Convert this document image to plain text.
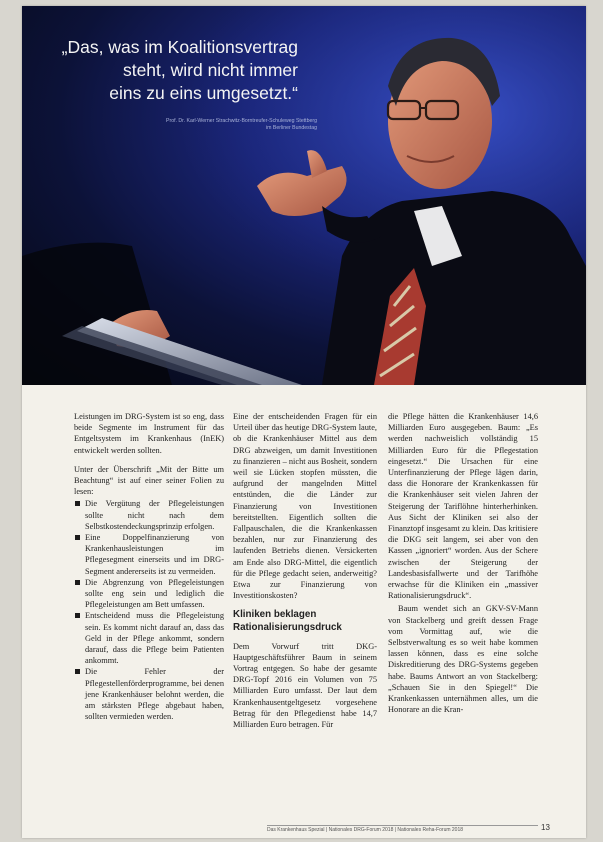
„Das, was im Koalitionsvertrag
steht, wird nicht immer
eins zu eins umgesetzt.“
Prof. Dr. Karl-Werner Strachwitz-Borntreufer-Schuleweg Stettberg
im Berliner Bundestag

Leistungen im DRG-System ist so eng, dass beide Segmente im Instrument für das Entgeltsystem im Krankenhaus (InEK) entwickelt werden sollten.

Unter der Überschrift „Mit der Bitte um Beachtung“ ist auf einer seiner Folien zu lesen:

Die Vergütung der Pflegeleistungen sollte nicht nach dem Selbstkostendeckungsprinzip erfolgen.
Eine Doppelfinanzierung von Krankenhausleistungen im Pflegesegment einerseits und im DRG-Segment andererseits ist zu vermeiden.
Die Abgrenzung von Pflegeleistungen sollte eng sein und lediglich die Pflegeleistungen am Bett umfassen.
Entscheidend muss die Pflegeleistung sein. Es kommt nicht darauf an, dass das Geld in der Pflege ankommt, sondern darauf, dass die Pflege beim Patienten ankommt.
Die Fehler der Pflegestellenförderprogramme, bei denen jene Krankenhäuser belohnt werden, die am stärksten Pflege abgebaut haben, sollten vermieden werden.

Eine der entscheidenden Fragen für ein Urteil über das heutige DRG-System laute, ob die Krankenhäuser Mittel aus dem DRG abzweigen, um damit Investitionen zu finanzieren – nicht aus Bosheit, sondern weil sie Lücken stopfen müssten, die aufgrund der mangelnden Mittel entstünden, die die Länder zur Finanzierung von Investitionen bereitstellten. Eigentlich sollten die Fallpauschalen, die die Krankenkassen bezahlen, nur zur Finanzierung des laufenden Betriebs dienen. Versickerten am Ende also DRG-Mittel, die eigentlich für die Pflege gedacht seien, anderweitig? Etwa zur Finanzierung von Investitionskosten?

Kliniken beklagen Rationalisierungsdruck

Dem Vorwurf tritt DKG-Hauptgeschäftsführer Baum in seinem Vortrag entgegen. So habe der gesamte DRG-Topf 2016 ein Volumen von 75 Milliarden Euro umfasst. Der laut dem Krankenhausentgeltgesetz vorgesehene Betrag für den Pflegedienst habe 14,7 Milliarden Euro betragen. Für

die Pflege hätten die Krankenhäuser 14,6 Milliarden Euro ausgegeben. Baum: „Es werden nachweislich vollständig 15 Milliarden Euro für die Pflegestation eingesetzt.“ Die Ursachen für eine Unterfinanzierung der Pflege lägen darin, dass die Honorare der Krankenkassen für die Krankenhäuser seit vielen Jahren der Steigerung der Tariflöhne hinterherhinken. Aus Sicht der Kliniken sei also der Finanztopf insgesamt zu klein. Das kritisiere die DKG seit langem, sei aber von den Kassen „ignoriert“ worden. Aus der Schere zwischen der Steigerung der Landesbasisfallwerte und der Tarifhöhe erwachse für die Kliniken ein „massiver Rationalisierungsdruck“.

Baum wendet sich an GKV-SV-Mann von Stackelberg und greift dessen Frage vom Vormittag auf, wie die Selbstverwaltung es so weit habe kommen lassen können, dass es eine solche Diskreditierung des DRG-Systems gegeben habe. Baums Antwort an von Stackelberg: „Schauen Sie in den Spiegel!“ Die Krankenkassen unternähmen alles, um die Honorare an die Kran-

Das Krankenhaus Spezial | Nationales DRG-Forum 2018 | Nationales Reha-Forum 2018	13
